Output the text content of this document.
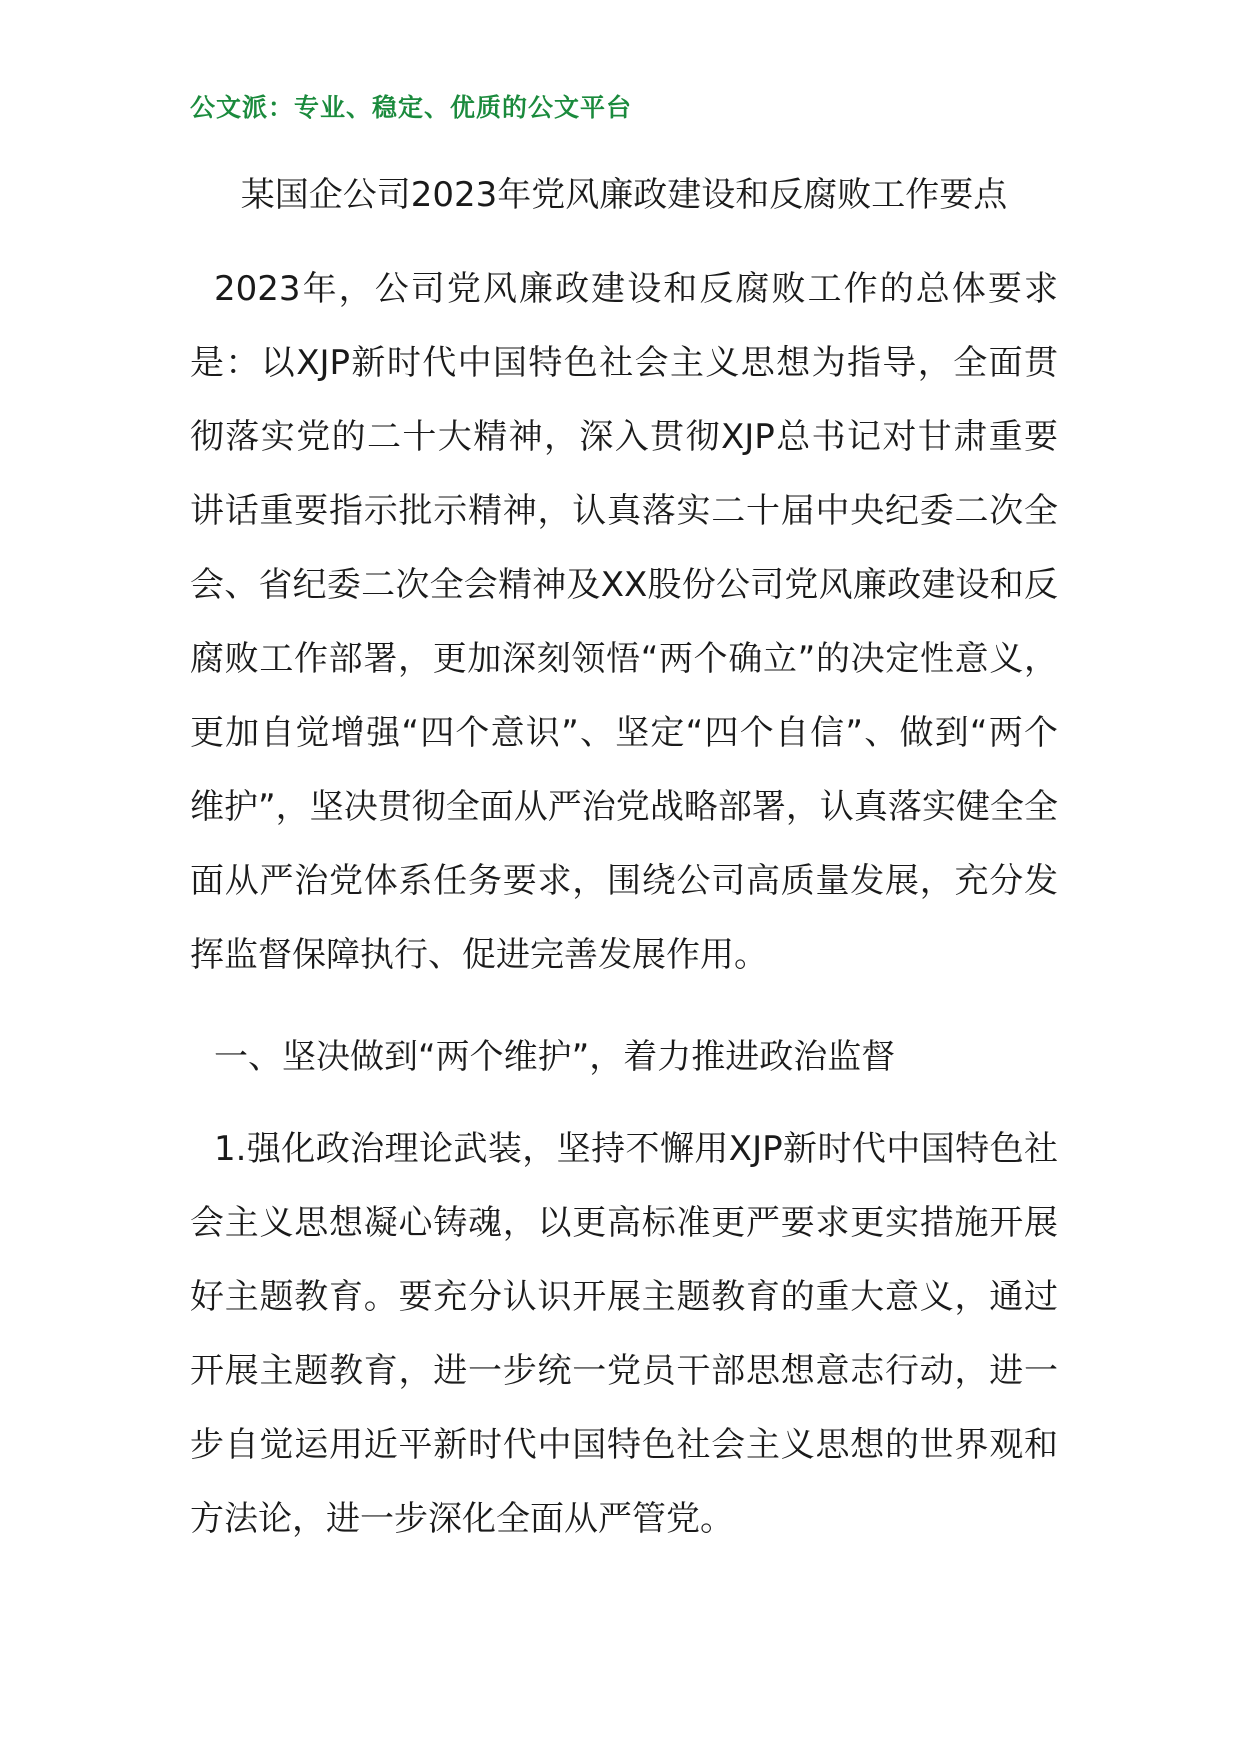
公文派：专业、稳定、优质的公文平台
某国企公司2023年党风廉政建设和反腐败工作要点

2023年，公司党风廉政建设和反腐败工作的总体要求是：以XJP新时代中国特色社会主义思想为指导，全面贯彻落实党的二十大精神，深入贯彻XJP总书记对甘肃重要讲话重要指示批示精神，认真落实二十届中央纪委二次全会、省纪委二次全会精神及XX股份公司党风廉政建设和反腐败工作部署，更加深刻领悟“两个确立”的决定性意义，更加自觉增强“四个意识”、坚定“四个自信”、做到“两个维护”，坚决贯彻全面从严治党战略部署，认真落实健全全面从严治党体系任务要求，围绕公司高质量发展，充分发挥监督保障执行、促进完善发展作用。

一、坚决做到“两个维护”，着力推进政治监督

1.强化政治理论武装，坚持不懈用XJP新时代中国特色社会主义思想凝心铸魂，以更高标准更严要求更实措施开展好主题教育。要充分认识开展主题教育的重大意义，通过开展主题教育，进一步统一党员干部思想意志行动，进一步自觉运用近平新时代中国特色社会主义思想的世界观和方法论，进一步深化全面从严管党。
